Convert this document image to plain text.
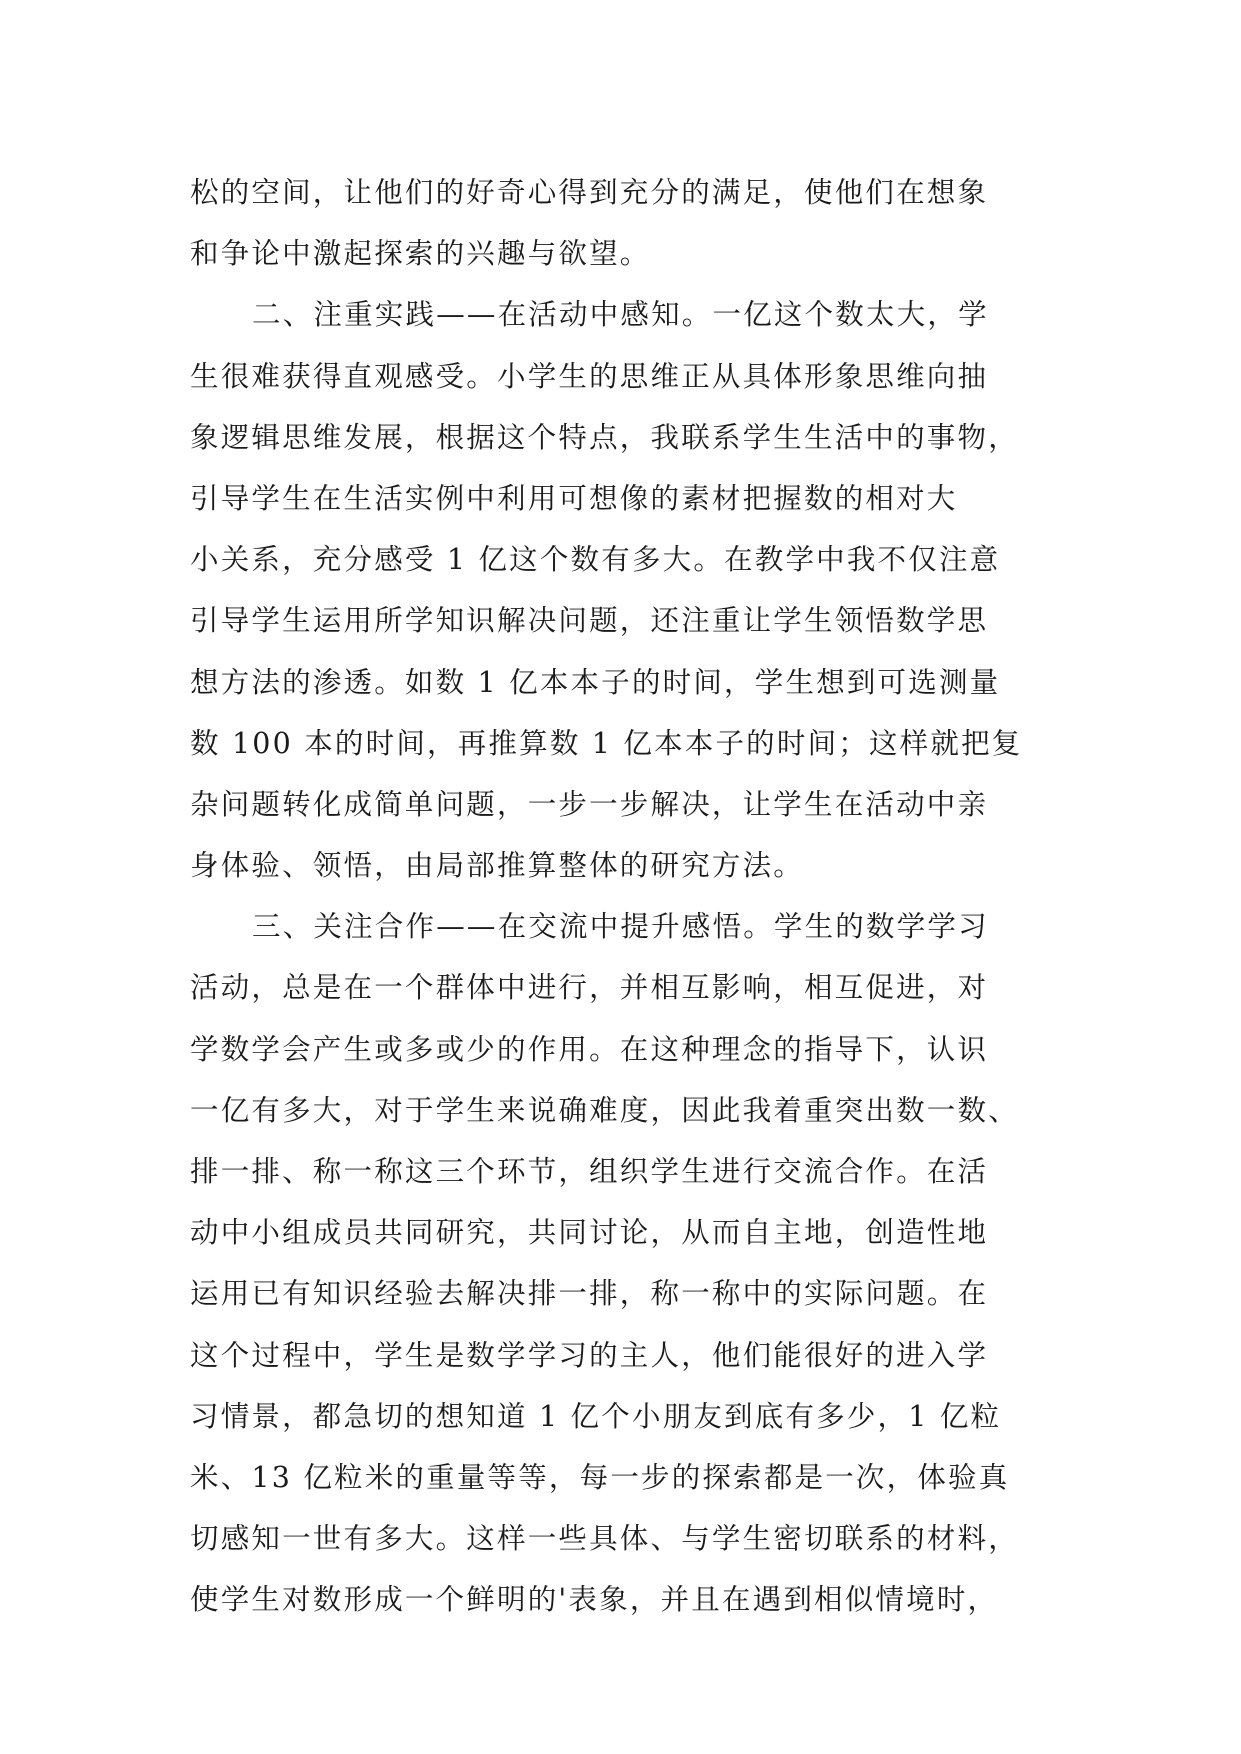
松的空间，让他们的好奇心得到充分的满足，使他们在想象
和争论中激起探索的兴趣与欲望。
二、注重实践——在活动中感知。一亿这个数太大，学
生很难获得直观感受。小学生的思维正从具体形象思维向抽
象逻辑思维发展，根据这个特点，我联系学生生活中的事物，
引导学生在生活实例中利用可想像的素材把握数的相对大
小关系，充分感受 1 亿这个数有多大。在教学中我不仅注意
引导学生运用所学知识解决问题，还注重让学生领悟数学思
想方法的渗透。如数 1 亿本本子的时间，学生想到可选测量
数 100 本的时间，再推算数 1 亿本本子的时间；这样就把复
杂问题转化成简单问题，一步一步解决，让学生在活动中亲
身体验、领悟，由局部推算整体的研究方法。
三、关注合作——在交流中提升感悟。学生的数学学习
活动，总是在一个群体中进行，并相互影响，相互促进，对
学数学会产生或多或少的作用。在这种理念的指导下，认识
一亿有多大，对于学生来说确难度，因此我着重突出数一数、
排一排、称一称这三个环节，组织学生进行交流合作。在活
动中小组成员共同研究，共同讨论，从而自主地，创造性地
运用已有知识经验去解决排一排，称一称中的实际问题。在
这个过程中，学生是数学学习的主人，他们能很好的进入学
习情景，都急切的想知道 1 亿个小朋友到底有多少，1 亿粒
米、13 亿粒米的重量等等，每一步的探索都是一次，体验真
切感知一世有多大。这样一些具体、与学生密切联系的材料，
使学生对数形成一个鲜明的'表象，并且在遇到相似情境时，
